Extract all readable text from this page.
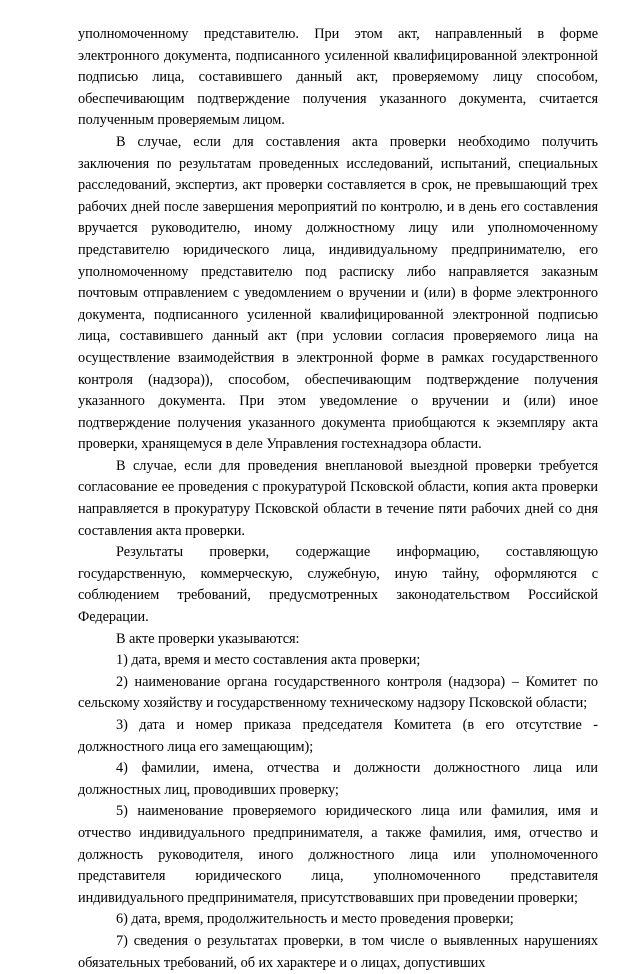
уполномоченному представителю. При этом акт, направленный в форме электронного документа, подписанного усиленной квалифицированной электронной подписью лица, составившего данный акт, проверяемому лицу способом, обеспечивающим подтверждение получения указанного документа, считается полученным проверяемым лицом.

В случае, если для составления акта проверки необходимо получить заключения по результатам проведенных исследований, испытаний, специальных расследований, экспертиз, акт проверки составляется в срок, не превышающий трех рабочих дней после завершения мероприятий по контролю, и в день его составления вручается руководителю, иному должностному лицу или уполномоченному представителю юридического лица, индивидуальному предпринимателю, его уполномоченному представителю под расписку либо направляется заказным почтовым отправлением с уведомлением о вручении и (или) в форме электронного документа, подписанного усиленной квалифицированной электронной подписью лица, составившего данный акт (при условии согласия проверяемого лица на осуществление взаимодействия в электронной форме в рамках государственного контроля (надзора)), способом, обеспечивающим подтверждение получения указанного документа. При этом уведомление о вручении и (или) иное подтверждение получения указанного документа приобщаются к экземпляру акта проверки, хранящемуся в деле Управления гостехнадзора области.

В случае, если для проведения внеплановой выездной проверки требуется согласование ее проведения с прокуратурой Псковской области, копия акта проверки направляется в прокуратуру Псковской области в течение пяти рабочих дней со дня составления акта проверки.

Результаты проверки, содержащие информацию, составляющую государственную, коммерческую, служебную, иную тайну, оформляются с соблюдением требований, предусмотренных законодательством Российской Федерации.

В акте проверки указываются:

1) дата, время и место составления акта проверки;

2) наименование органа государственного контроля (надзора) – Комитет по сельскому хозяйству и государственному техническому надзору Псковской области;

3) дата и номер приказа председателя Комитета (в его отсутствие - должностного лица его замещающим);

4) фамилии, имена, отчества и должности должностного лица или должностных лиц, проводивших проверку;

5) наименование проверяемого юридического лица или фамилия, имя и отчество индивидуального предпринимателя, а также фамилия, имя, отчество и должность руководителя, иного должностного лица или уполномоченного представителя юридического лица, уполномоченного представителя индивидуального предпринимателя, присутствовавших при проведении проверки;

6) дата, время, продолжительность и место проведения проверки;

7) сведения о результатах проверки, в том числе о выявленных нарушениях обязательных требований, об их характере и о лицах, допустивших
